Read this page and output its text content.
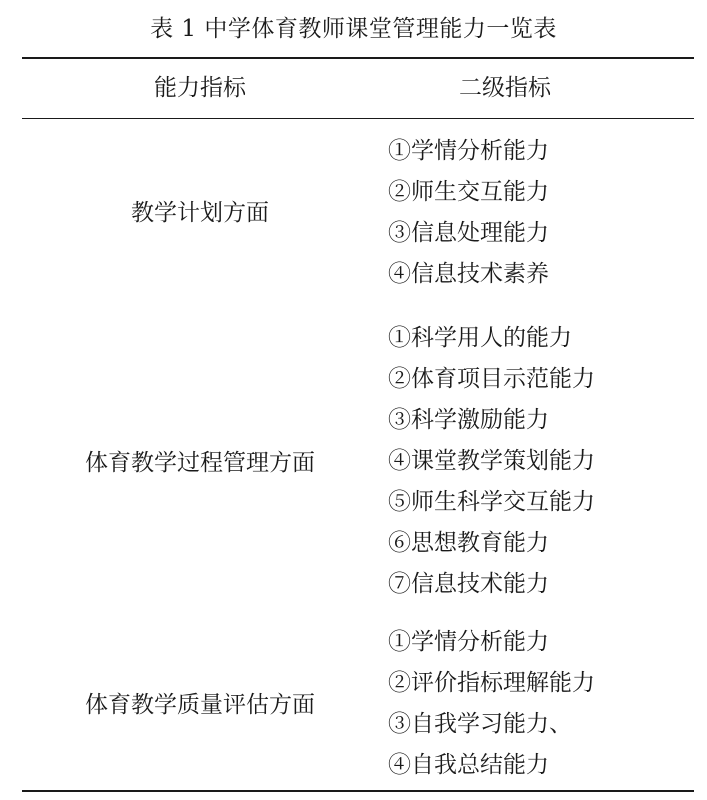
表 1 中学体育教师课堂管理能力一览表
能力指标	二级指标
教学计划方面
①学情分析能力
②师生交互能力
③信息处理能力
④信息技术素养
体育教学过程管理方面
①科学用人的能力
②体育项目示范能力
③科学激励能力
④课堂教学策划能力
⑤师生科学交互能力
⑥思想教育能力
⑦信息技术能力
体育教学质量评估方面
①学情分析能力
②评价指标理解能力
③自我学习能力、
④自我总结能力
